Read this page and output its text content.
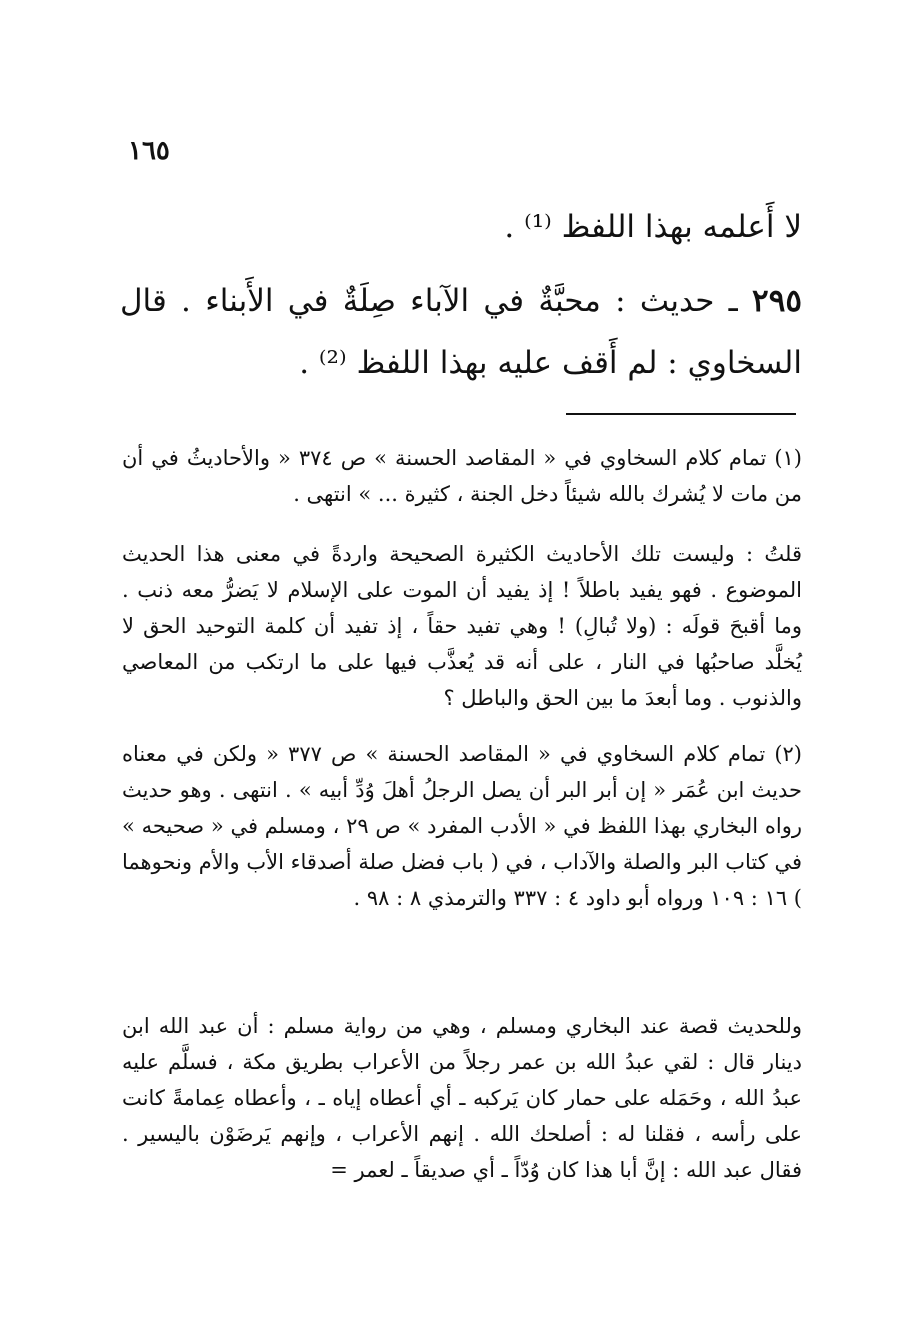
١٦٥

لا أَعلمه بهذا اللفظ ⁽¹⁾ .

٢٩٥ ـ حديث : محبَّةٌ في الآباء صِلَةٌ في الأَبناء . قال السخاوي : لم أَقف عليه بهذا اللفظ ⁽²⁾ .

(١) تمام كلام السخاوي في « المقاصد الحسنة » ص ٣٧٤ « والأحاديثُ في أن من مات لا يُشرك بالله شيئاً دخل الجنة ، كثيرة ... » انتهى .

قلتُ : وليست تلك الأحاديث الكثيرة الصحيحة واردةً في معنى هذا الحديث الموضوع . فهو يفيد باطلاً ! إذ يفيد أن الموت على الإسلام لا يَضرُّ معه ذنب . وما أقبحَ قولَه : (ولا تُبالِ) ! وهي تفيد حقاً ، إذ تفيد أن كلمة التوحيد الحق لا يُخلَّد صاحبُها في النار ، على أنه قد يُعذَّب فيها على ما ارتكب من المعاصي والذنوب . وما أبعدَ ما بين الحق والباطل ؟

(٢) تمام كلام السخاوي في « المقاصد الحسنة » ص ٣٧٧ « ولكن في معناه حديث ابن عُمَر « إن أبر البر أن يصل الرجلُ أهلَ وُدِّ أبيه » . انتهى . وهو حديث رواه البخاري بهذا اللفظ في « الأدب المفرد » ص ٢٩ ، ومسلم في « صحيحه » في كتاب البر والصلة والآداب ، في ( باب فضل صلة أصدقاء الأب والأم ونحوهما ) ١٦ : ١٠٩ ورواه أبو داود ٤ : ٣٣٧ والترمذي ٨ : ٩٨ .

وللحديث قصة عند البخاري ومسلم ، وهي من رواية مسلم : أن عبد الله ابن دينار قال : لقي عبدُ الله بن عمر رجلاً من الأعراب بطريق مكة ، فسلَّم عليه عبدُ الله ، وحَمَله على حمار كان يَركبه ـ أي أعطاه إياه ـ ، وأعطاه عِمامةً كانت على رأسه ، فقلنا له : أصلحك الله . إنهم الأعراب ، وإنهم يَرضَوْن باليسير . فقال عبد الله : إنَّ أبا هذا كان وُدّاً ـ أي صديقاً ـ لعمر =
